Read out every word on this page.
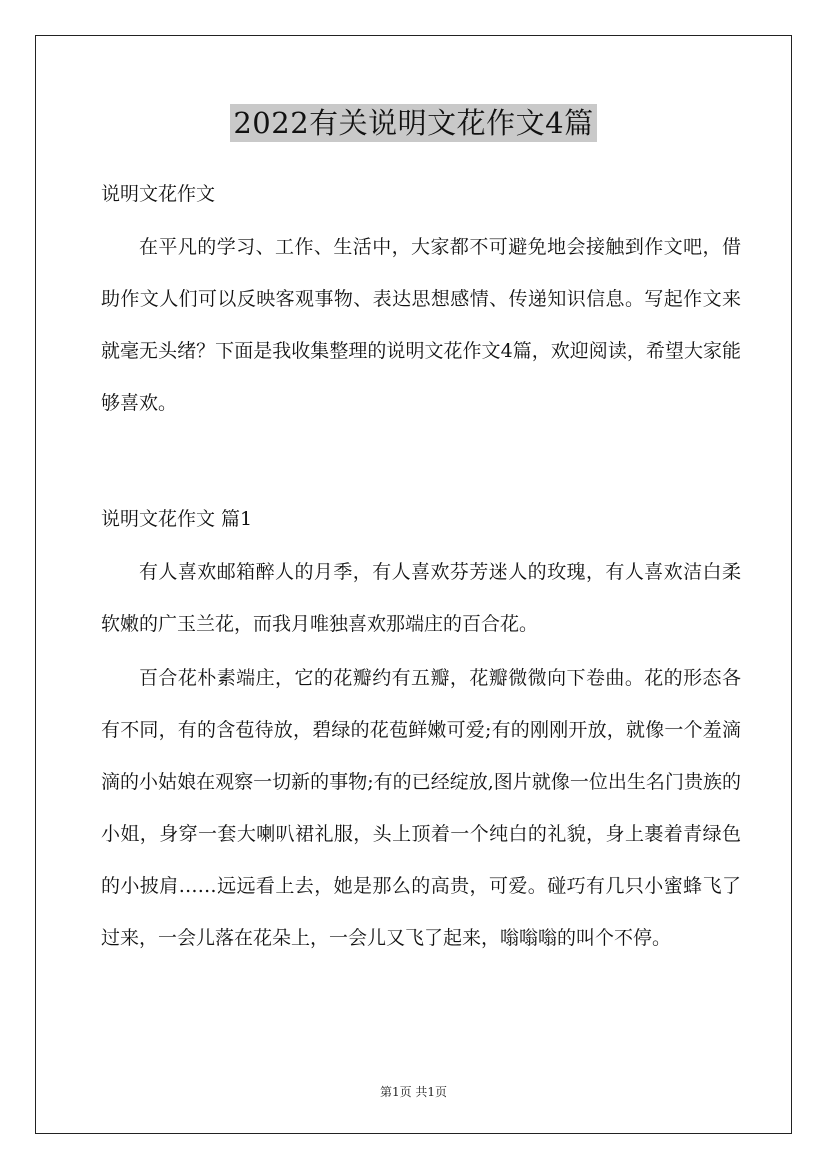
2022有关说明文花作文4篇
说明文花作文

在平凡的学习、工作、生活中，大家都不可避免地会接触到作文吧，借助作文人们可以反映客观事物、表达思想感情、传递知识信息。写起作文来就毫无头绪？下面是我收集整理的说明文花作文4篇，欢迎阅读，希望大家能够喜欢。

说明文花作文 篇1

有人喜欢邮箱醉人的月季，有人喜欢芬芳迷人的玫瑰，有人喜欢洁白柔软嫩的广玉兰花，而我月唯独喜欢那端庄的百合花。

百合花朴素端庄，它的花瓣约有五瓣，花瓣微微向下卷曲。花的形态各有不同，有的含苞待放，碧绿的花苞鲜嫩可爱;有的刚刚开放，就像一个羞滴滴的小姑娘在观察一切新的事物;有的已经绽放,图片就像一位出生名门贵族的小姐，身穿一套大喇叭裙礼服，头上顶着一个纯白的礼貌，身上裹着青绿色的小披肩……远远看上去，她是那么的高贵，可爱。碰巧有几只小蜜蜂飞了过来，一会儿落在花朵上，一会儿又飞了起来，嗡嗡嗡的叫个不停。

第1页 共1页
